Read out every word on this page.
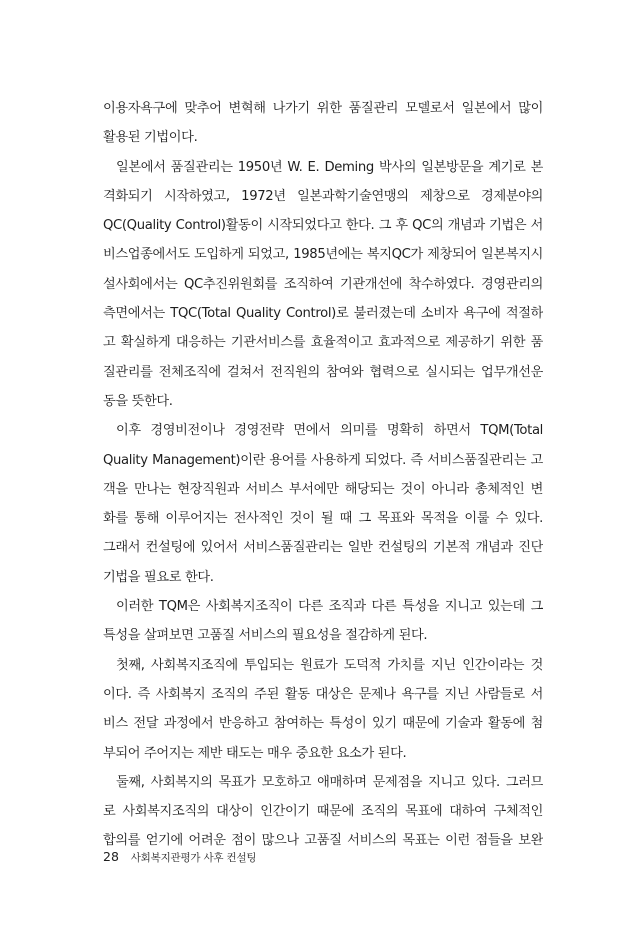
이용자욕구에 맞추어 변혁해 나가기 위한 품질관리 모델로서 일본에서 많이
활용된 기법이다.
일본에서 품질관리는 1950년 W. E. Deming 박사의 일본방문을 계기로 본
격화되기 시작하였고, 1972년 일본과학기술연맹의 제창으로 경제분야의
QC(Quality Control)활동이 시작되었다고 한다. 그 후 QC의 개념과 기법은 서
비스업종에서도 도입하게 되었고, 1985년에는 복지QC가 제창되어 일본복지시
설사회에서는 QC추진위원회를 조직하여 기관개선에 착수하였다. 경영관리의
측면에서는 TQC(Total Quality Control)로 불러졌는데 소비자 욕구에 적절하
고 확실하게 대응하는 기관서비스를 효율적이고 효과적으로 제공하기 위한 품
질관리를 전체조직에 걸쳐서 전직원의 참여와 협력으로 실시되는 업무개선운
동을 뜻한다.
이후 경영비전이나 경영전략 면에서 의미를 명확히 하면서 TQM(Total
Quality Management)이란 용어를 사용하게 되었다. 즉 서비스품질관리는 고
객을 만나는 현장직원과 서비스 부서에만 해당되는 것이 아니라 총체적인 변
화를 통해 이루어지는 전사적인 것이 될 때 그 목표와 목적을 이룰 수 있다.
그래서 컨설팅에 있어서 서비스품질관리는 일반 컨설팅의 기본적 개념과 진단
기법을 필요로 한다.
이러한 TQM은 사회복지조직이 다른 조직과 다른 특성을 지니고 있는데 그
특성을 살펴보면 고품질 서비스의 필요성을 절감하게 된다.
첫째, 사회복지조직에 투입되는 원료가 도덕적 가치를 지닌 인간이라는 것
이다. 즉 사회복지 조직의 주된 활동 대상은 문제나 욕구를 지닌 사람들로 서
비스 전달 과정에서 반응하고 참여하는 특성이 있기 때문에 기술과 활동에 첨
부되어 주어지는 제반 태도는 매우 중요한 요소가 된다.
둘째, 사회복지의 목표가 모호하고 애매하며 문제점을 지니고 있다. 그러므
로 사회복지조직의 대상이 인간이기 때문에 조직의 목표에 대하여 구체적인
합의를 얻기에 어려운 점이 많으나 고품질 서비스의 목표는 이런 점들을 보완
28 사회복지관평가 사후 컨설팅
